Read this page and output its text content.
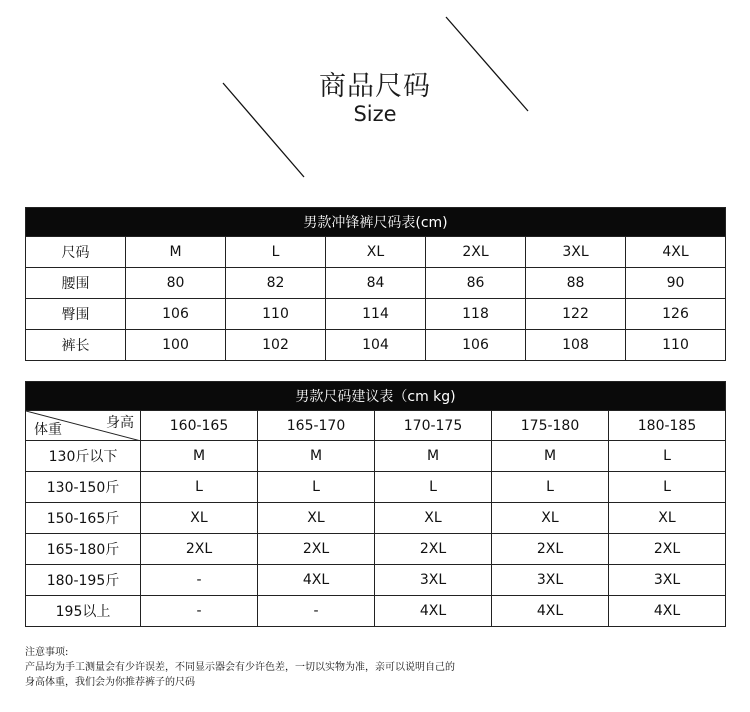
商品尺码
Size
男款冲锋裤尺码表(cm)						
尺码	M	L	XL	2XL	3XL	4XL
腰围	80	82	84	86	88	90
臀围	106	110	114	118	122	126
裤长	100	102	104	106	108	110
男款尺码建议表（cm kg)					

身高
体重	160-165	165-170	170-175	175-180	180-185
130斤以下	M	M	M	M	L
130-150斤	L	L	L	L	L
150-165斤	XL	XL	XL	XL	XL
165-180斤	2XL	2XL	2XL	2XL	2XL
180-195斤	-	4XL	3XL	3XL	3XL
195以上	-	-	4XL	4XL	4XL
注意事项:
产品均为手工测量会有少许误差，不同显示器会有少许色差，一切以实物为准，亲可以说明自己的
身高体重，我们会为你推荐裤子的尺码
